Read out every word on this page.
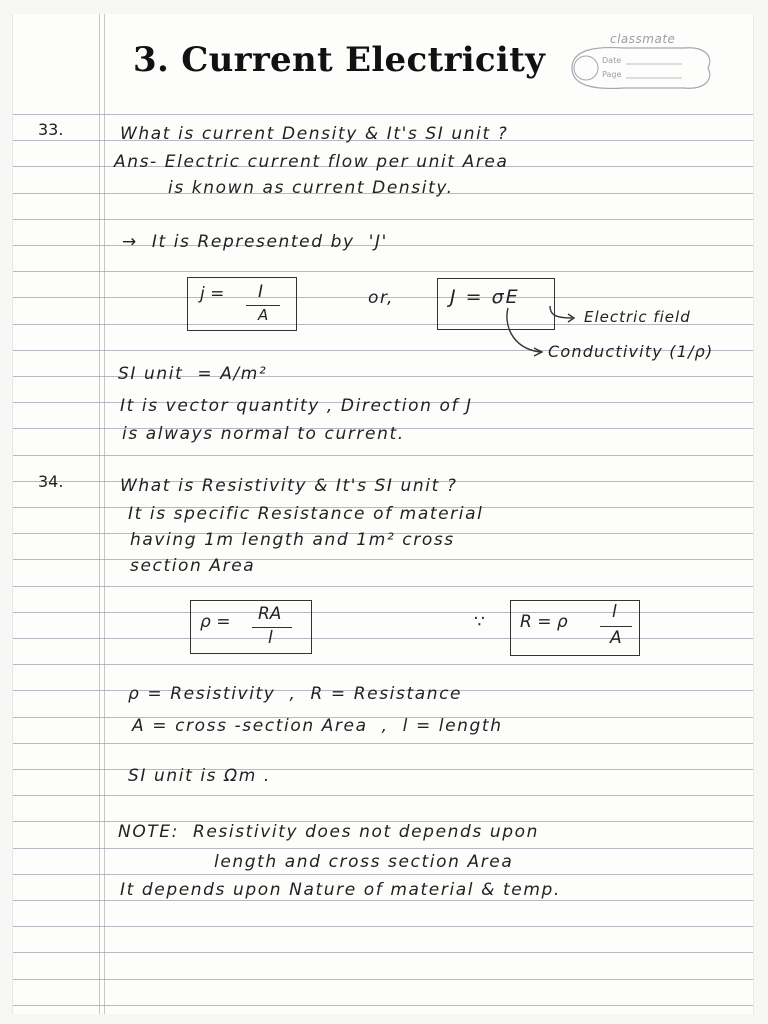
3. Current Electricity
classmate
Date
Page
33.	What is current Density & It's SI unit ?
Ans- Electric current flow per unit Area
is known as current Density.
→  It is Represented by  'J'
j = I
A
or,	J = σE
Electric field
Conductivity (1/ρ)
SI unit  = A/m²
It is vector quantity , Direction of J
is always normal to current.
34.	What is Resistivity & It's SI unit ?
It is specific Resistance of material
having 1m length and 1m² cross
section Area
ρ = RA
l
∵ R = ρ	l
A
ρ = Resistivity  ,  R = Resistance
A = cross -section Area  ,  l = length
SI unit is Ωm .
NOTE:  Resistivity does not depends upon
length and cross section Area
It depends upon Nature of material & temp.
